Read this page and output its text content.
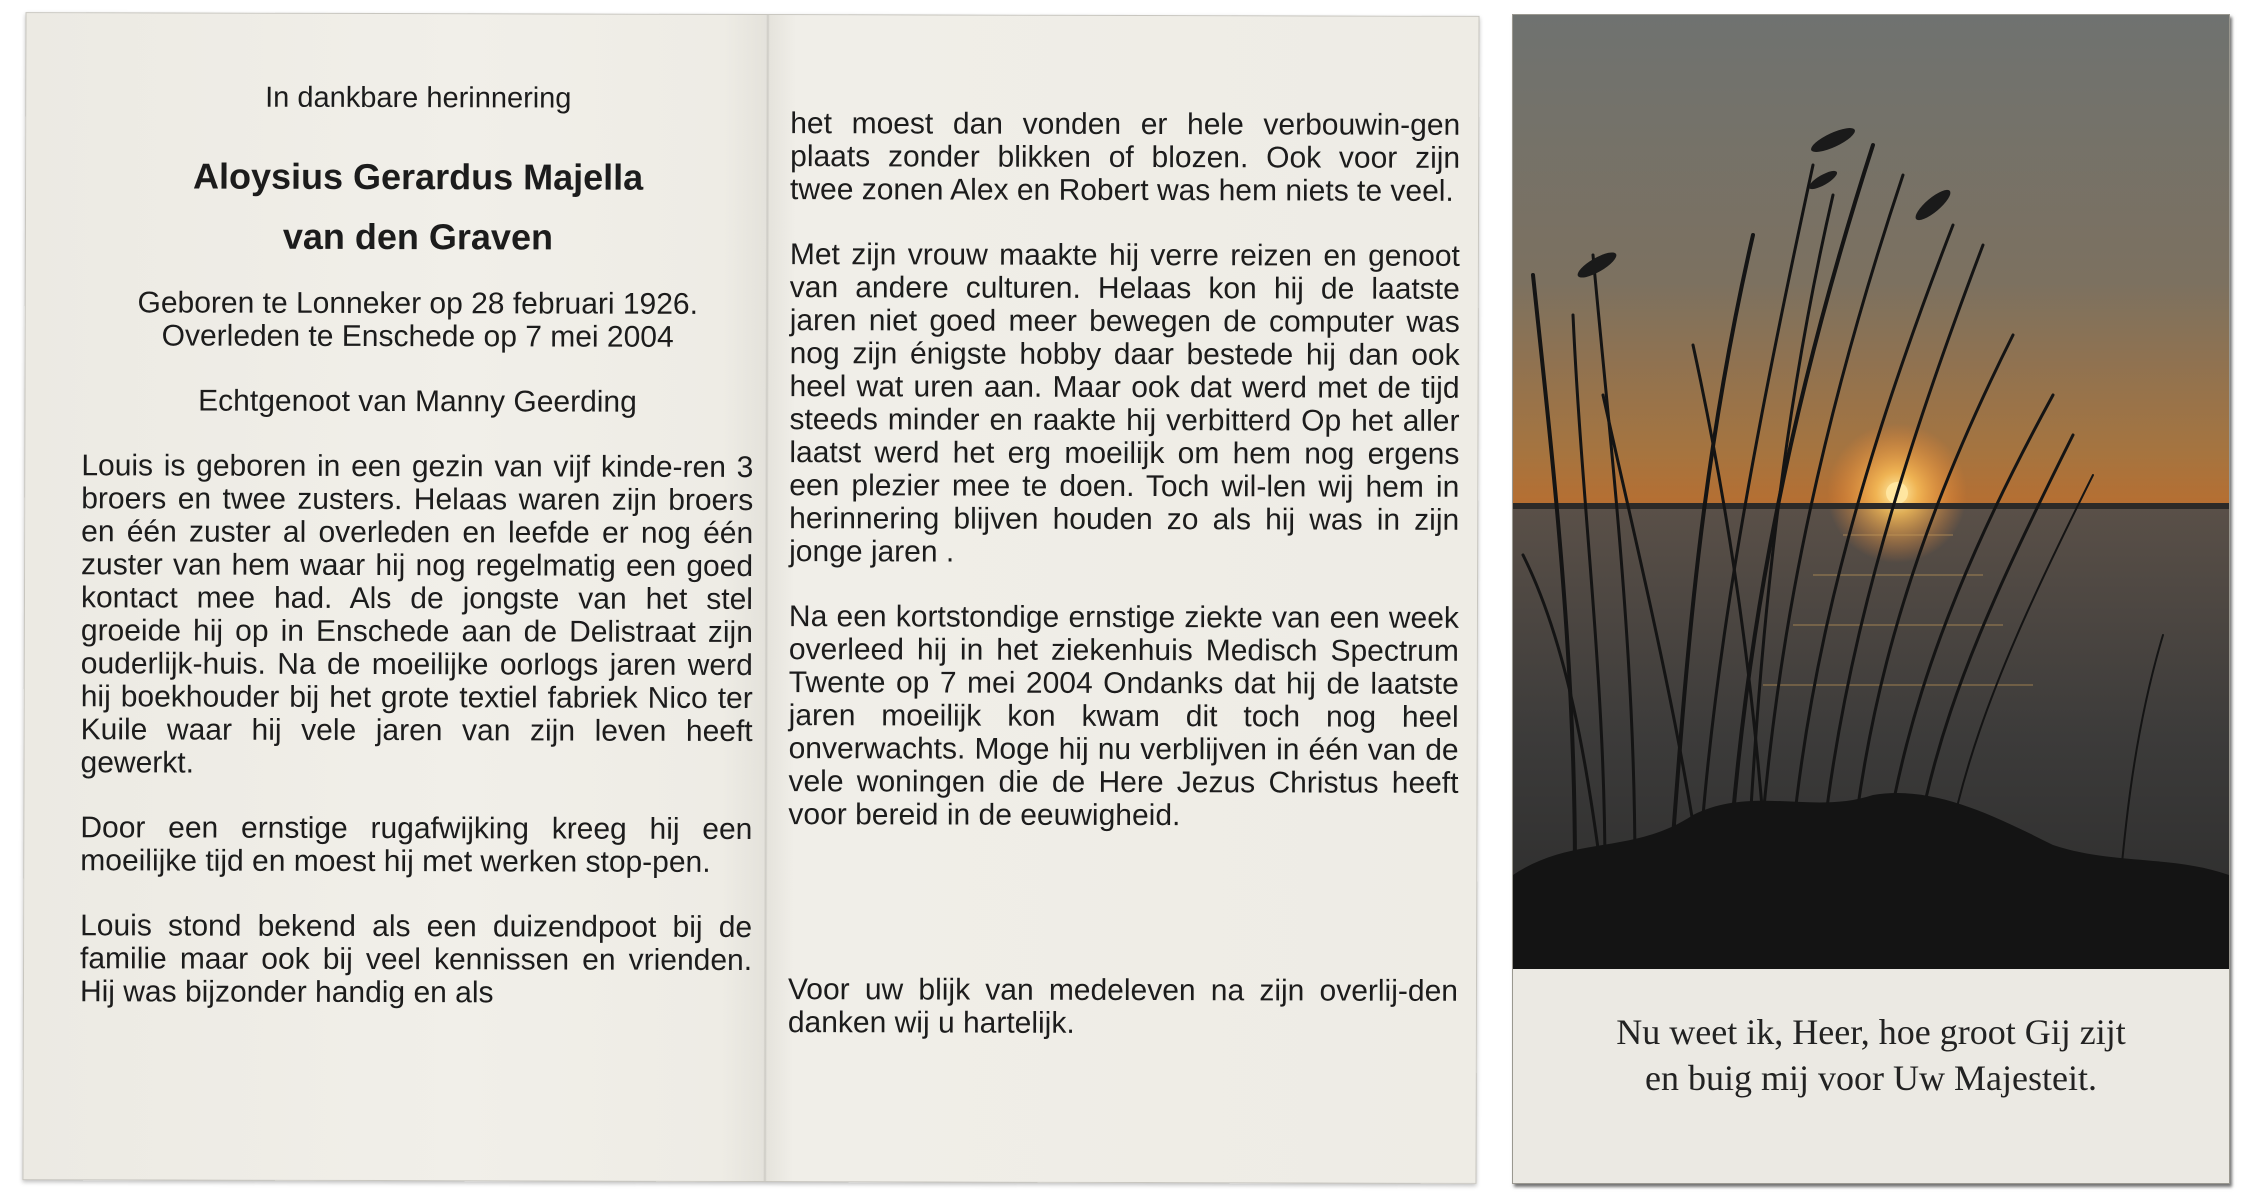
In dankbare herinnering

Aloysius Gerardus Majella

van den Graven

Geboren te Lonneker op 28 februari 1926.

Overleden te Enschede op 7 mei 2004

Echtgenoot van Manny Geerding

Louis is geboren in een gezin van vijf kinde-ren 3 broers en twee zusters. Helaas waren zijn broers en één zuster al overleden en leefde er nog één zuster van hem waar hij nog regelmatig een goed kontact mee had. Als de jongste van het stel groeide hij op in Enschede aan de Delistraat zijn ouderlijk-huis. Na de moeilijke oorlogs jaren werd hij boekhouder bij het grote textiel fabriek Nico ter Kuile waar hij vele jaren van zijn leven heeft gewerkt.

Door een ernstige rugafwijking kreeg hij een moeilijke tijd en moest hij met werken stop-pen.

Louis stond bekend als een duizendpoot bij de familie maar ook bij veel kennissen en vrienden. Hij was bijzonder handig en als

het moest dan vonden er hele verbouwin-gen plaats zonder blikken of blozen. Ook voor zijn twee zonen Alex en Robert was hem niets te veel.

Met zijn vrouw maakte hij verre reizen en genoot van andere culturen. Helaas kon hij de laatste jaren niet goed meer bewegen de computer was nog zijn énigste hobby daar bestede hij dan ook heel wat uren aan. Maar ook dat werd met de tijd steeds minder en raakte hij verbitterd Op het aller laatst werd het erg moeilijk om hem nog ergens een plezier mee te doen. Toch wil-len wij hem in herinnering blijven houden zo als hij was in zijn jonge jaren .

Na een kortstondige ernstige ziekte van een week overleed hij in het ziekenhuis Medisch Spectrum Twente op 7 mei 2004 Ondanks dat hij de laatste jaren moeilijk kon kwam dit toch nog heel onverwachts. Moge hij nu verblijven in één van de vele woningen die de Here Jezus Christus heeft voor bereid in de eeuwigheid.

Voor uw blijk van medeleven na zijn overlij-den danken wij u hartelijk.	Nu weet ik, Heer, hoe groot Gij zijt
en buig mij voor Uw Majesteit.
